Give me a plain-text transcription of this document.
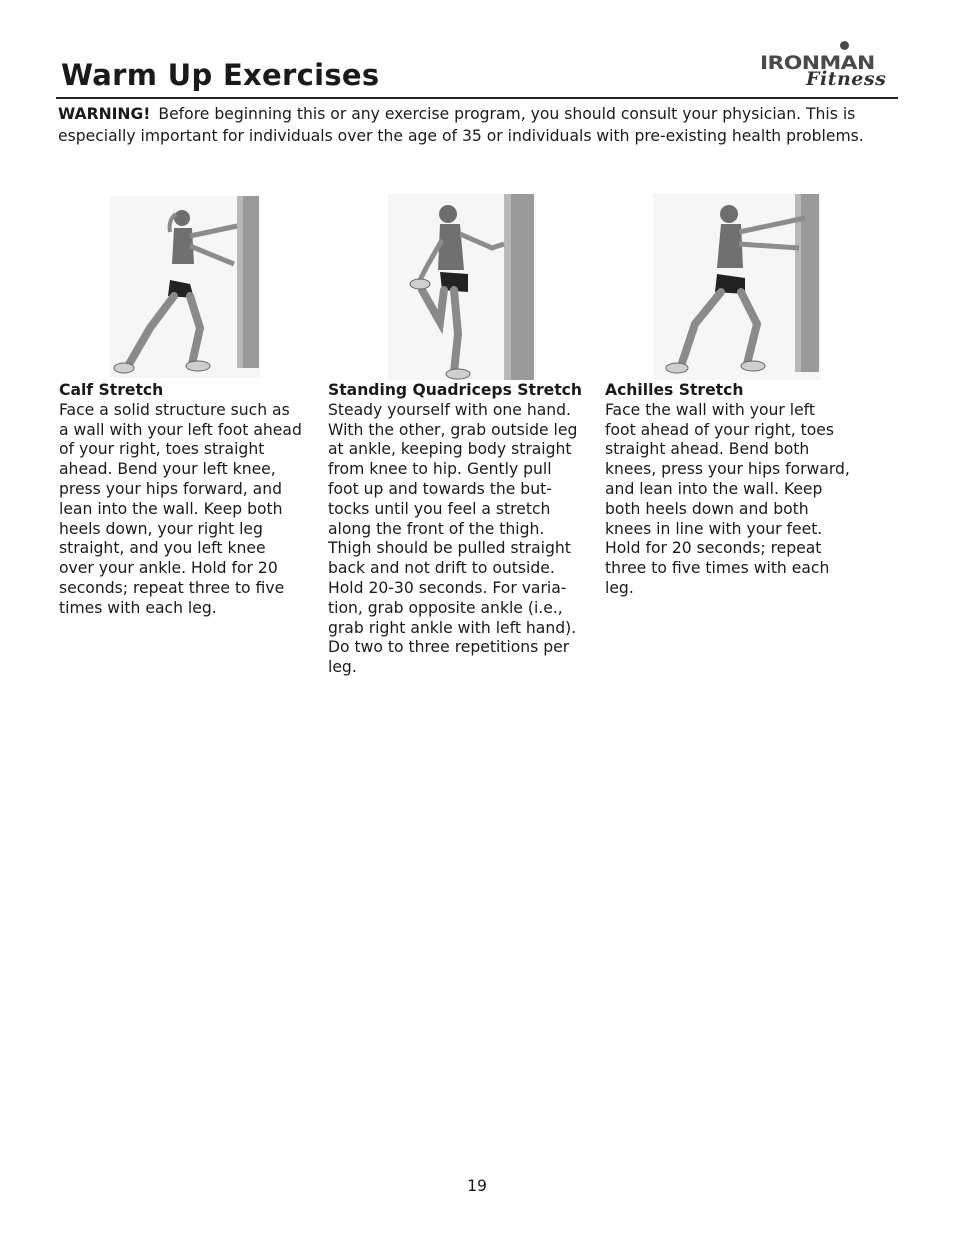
Warm Up Exercises	IRONMAN
Fitness

WARNING! Before beginning this or any exercise program, you should consult your physician. This is especially important for individuals over the age of 35 or individuals with pre-existing health problems.

Calf Stretch

Face a solid structure such as
a wall with your left foot ahead
of your right, toes straight
ahead. Bend your left knee,
press your hips forward, and
lean into the wall. Keep both
heels down, your right leg
straight, and you left knee
over your ankle. Hold for 20
seconds; repeat three to five
times with each leg.

Standing Quadriceps Stretch

Steady yourself with one hand.
With the other, grab outside leg
at ankle, keeping body straight
from knee to hip. Gently pull
foot up and towards the but-
tocks until you feel a stretch
along the front of the thigh.
Thigh should be pulled straight
back and not drift to outside.
Hold 20-30 seconds. For varia-
tion, grab opposite ankle (i.e.,
grab right ankle with left hand).
Do two to three repetitions per
leg.

Achilles Stretch

Face the wall with your left
foot ahead of your right, toes
straight ahead. Bend both
knees, press your hips forward,
and lean into the wall. Keep
both heels down and both
knees in line with your feet.
Hold for 20 seconds; repeat
three to five times with each
leg.

19
